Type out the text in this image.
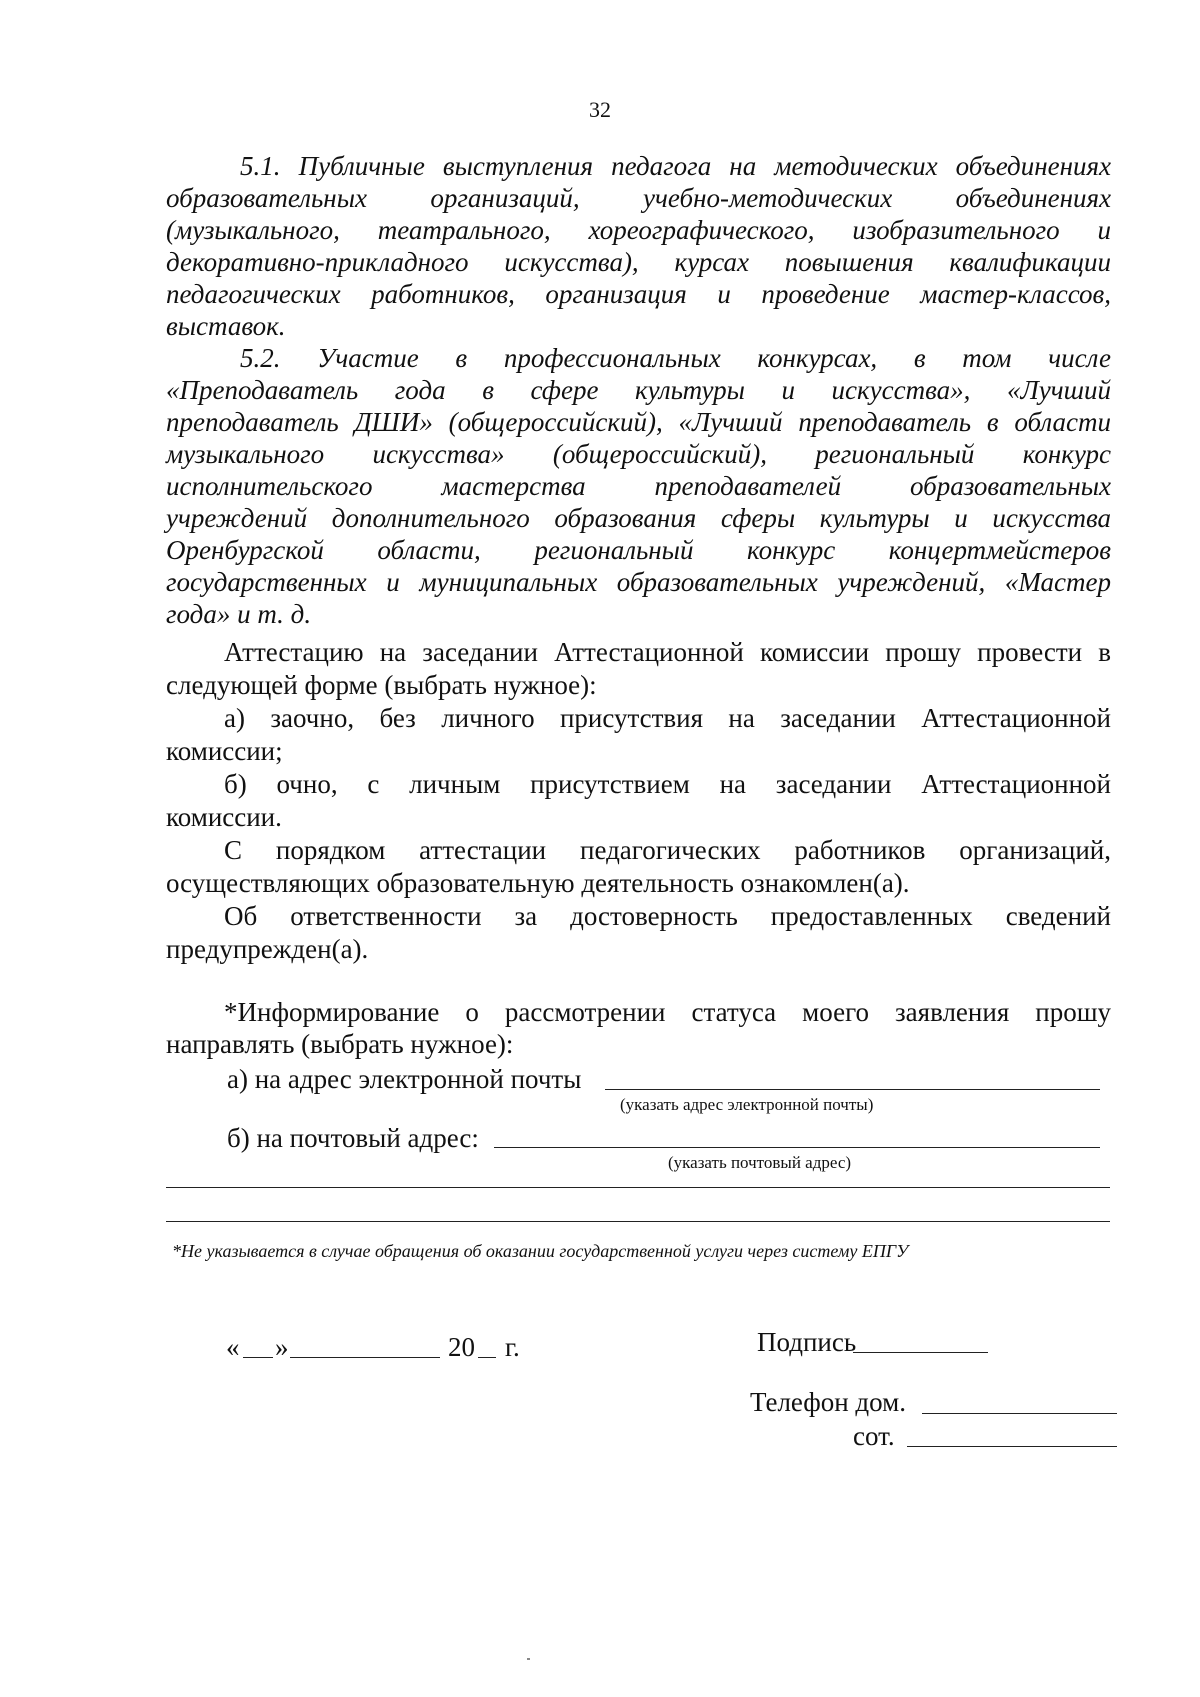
32
5.1. Публичные выступления педагога на методических объединениях
образовательных организаций, учебно-методических объединениях
(музыкального, театрального, хореографического, изобразительного и
декоративно-прикладного искусства), курсах повышения квалификации
педагогических работников, организация и проведение мастер-классов,
выставок.
5.2. Участие в профессиональных конкурсах, в том числе
«Преподаватель года в сфере культуры и искусства», «Лучший
преподаватель ДШИ» (общероссийский), «Лучший преподаватель в области
музыкального искусства» (общероссийский), региональный конкурс
исполнительского мастерства преподавателей образовательных
учреждений дополнительного образования сферы культуры и искусства
Оренбургской области, региональный конкурс концертмейстеров
государственных и муниципальных образовательных учреждений, «Мастер
года» и т. д.
Аттестацию на заседании Аттестационной комиссии прошу провести в
следующей форме (выбрать нужное):
а) заочно, без личного присутствия на заседании Аттестационной
комиссии;
б) очно, с личным присутствием на заседании Аттестационной
комиссии.
С порядком аттестации педагогических работников организаций,
осуществляющих образовательную деятельность ознакомлен(а).
Об ответственности за достоверность предоставленных сведений
предупрежден(а).
*Информирование о рассмотрении статуса моего заявления прошу
направлять (выбрать нужное):
а) на адрес электронной почты
(указать адрес электронной почты)
б) на почтовый адрес:
(указать почтовый адрес)
*Не указывается в случае обращения об оказании государственной услуги через систему ЕПГУ
« »	20 г.	Подпись
Телефон дом.
сот.
